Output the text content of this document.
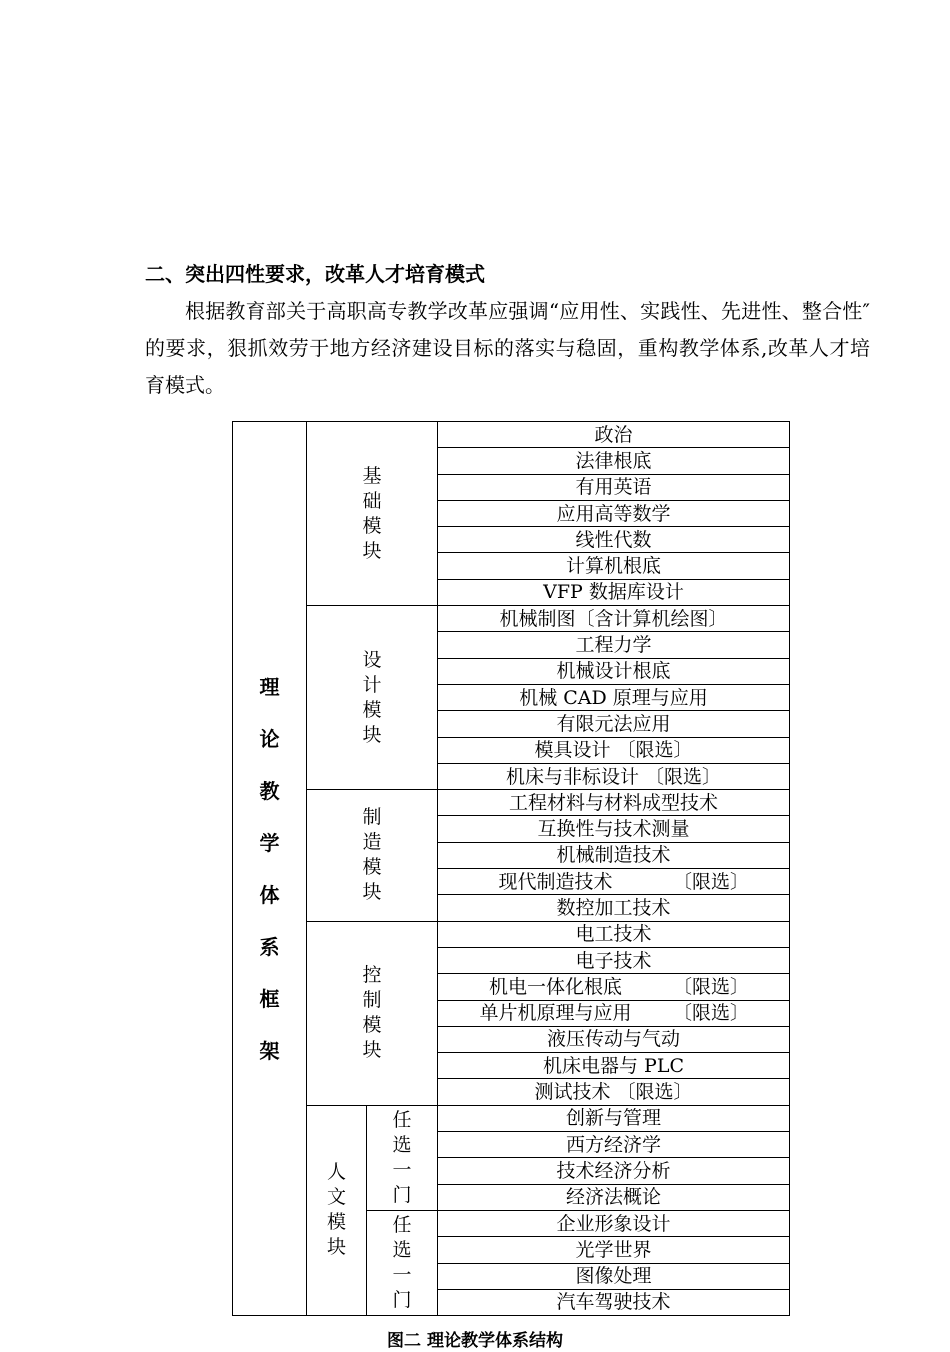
二、突出四性要求，改革人才培育模式

根据教育部关于高职高专教学改革应强调“应用性、实践性、先进性、整合性″的要求，狠抓效劳于地方经济建设目标的落实与稳固，重构教学体系,改革人才培育模式。

理论教学体系框架	基础模块		政治
			法律根底
			有用英语
			应用高等数学
			线性代数
			计算机根底
			VFP 数据库设计
	设计模块		机械制图〔含计算机绘图〕
			工程力学
			机械设计根底
			机械 CAD 原理与应用
			有限元法应用
			模具设计 〔限选〕
			机床与非标设计 〔限选〕
	制造模块		工程材料与材料成型技术
			互换性与技术测量
			机械制造技术
			现代制造技术 〔限选〕

			数控加工技术
	控制模块		电工技术
			电子技术
			机电一体化根底 〔限选〕

			单片机原理与应用 〔限选〕

			液压传动与气动
			机床电器与 PLC
			测试技术 〔限选〕
	人文模块	任选一门	创新与管理
			西方经济学
			技术经济分析
			经济法概论
		任选一门	企业形象设计
			光学世界
			图像处理
			汽车驾驶技术
图二 理论教学体系结构
